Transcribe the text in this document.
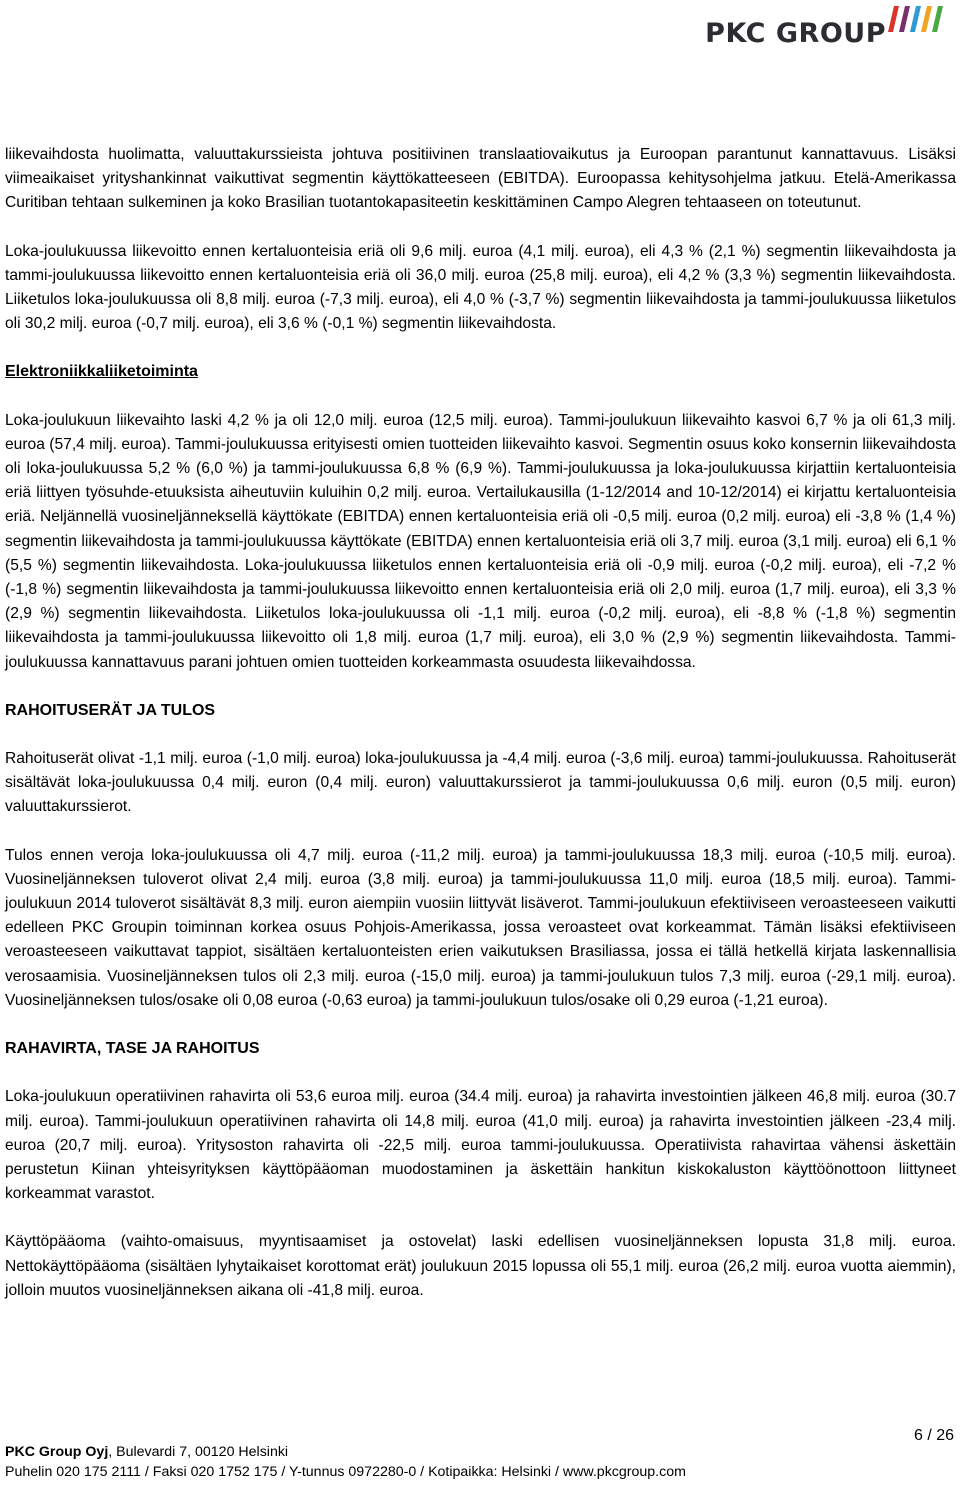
PKC GROUP

liikevaihdosta huolimatta, valuuttakurssieista johtuva positiivinen translaatiovaikutus ja Euroopan parantunut kannattavuus. Lisäksi viimeaikaiset yrityshankinnat vaikuttivat segmentin käyttökatteeseen (EBITDA). Euroopassa kehitysohjelma jatkuu. Etelä-Amerikassa Curitiban tehtaan sulkeminen ja koko Brasilian tuotantokapasiteetin keskittäminen Campo Alegren tehtaaseen on toteutunut.

Loka-joulukuussa liikevoitto ennen kertaluonteisia eriä oli 9,6 milj. euroa (4,1 milj. euroa), eli 4,3 % (2,1 %) segmentin liikevaihdosta ja tammi-joulukuussa liikevoitto ennen kertaluonteisia eriä oli 36,0 milj. euroa (25,8 milj. euroa), eli 4,2 % (3,3 %) segmentin liikevaihdosta. Liiketulos loka-joulukuussa oli 8,8 milj. euroa (-7,3 milj. euroa), eli 4,0 % (-3,7 %) segmentin liikevaihdosta ja tammi-joulukuussa liiketulos oli 30,2 milj. euroa (-0,7 milj. euroa), eli 3,6 % (-0,1 %) segmentin liikevaihdosta.

Elektroniikkaliiketoiminta

Loka-joulukuun liikevaihto laski 4,2 % ja oli 12,0 milj. euroa (12,5 milj. euroa). Tammi-joulukuun liikevaihto kasvoi 6,7 % ja oli 61,3 milj. euroa (57,4 milj. euroa). Tammi-joulukuussa erityisesti omien tuotteiden liikevaihto kasvoi. Segmentin osuus koko konsernin liikevaihdosta oli loka-joulukuussa 5,2 % (6,0 %) ja tammi-joulukuussa 6,8 % (6,9 %). Tammi-joulukuussa ja loka-joulukuussa kirjattiin kertaluonteisia eriä liittyen työsuhde-etuuksista aiheutuviin kuluihin 0,2 milj. euroa. Vertailukausilla (1-12/2014 and 10-12/2014) ei kirjattu kertaluonteisia eriä. Neljännellä vuosineljänneksellä käyttökate (EBITDA) ennen kertaluonteisia eriä oli -0,5 milj. euroa (0,2 milj. euroa) eli -3,8 % (1,4 %) segmentin liikevaihdosta ja tammi-joulukuussa käyttökate (EBITDA) ennen kertaluonteisia eriä oli 3,7 milj. euroa (3,1 milj. euroa) eli 6,1 % (5,5 %) segmentin liikevaihdosta. Loka-joulukuussa liiketulos ennen kertaluonteisia eriä oli -0,9 milj. euroa (-0,2 milj. euroa), eli -7,2 % (-1,8 %) segmentin liikevaihdosta ja tammi-joulukuussa liikevoitto ennen kertaluonteisia eriä oli 2,0 milj. euroa (1,7 milj. euroa), eli 3,3 % (2,9 %) segmentin liikevaihdosta. Liiketulos loka-joulukuussa oli -1,1 milj. euroa (-0,2 milj. euroa), eli -8,8 % (-1,8 %) segmentin liikevaihdosta ja tammi-joulukuussa liikevoitto oli 1,8 milj. euroa (1,7 milj. euroa), eli 3,0 % (2,9 %) segmentin liikevaihdosta. Tammi-joulukuussa kannattavuus parani johtuen omien tuotteiden korkeammasta osuudesta liikevaihdossa.

RAHOITUSERÄT JA TULOS

Rahoituserät olivat -1,1 milj. euroa (-1,0 milj. euroa) loka-joulukuussa ja -4,4 milj. euroa (-3,6 milj. euroa) tammi-joulukuussa. Rahoituserät sisältävät loka-joulukuussa 0,4 milj. euron (0,4 milj. euron) valuuttakurssierot ja tammi-joulukuussa 0,6 milj. euron (0,5 milj. euron) valuuttakurssierot.

Tulos ennen veroja loka-joulukuussa oli 4,7 milj. euroa (-11,2 milj. euroa) ja tammi-joulukuussa 18,3 milj. euroa (-10,5 milj. euroa). Vuosineljänneksen tuloverot olivat 2,4 milj. euroa (3,8 milj. euroa) ja tammi-joulukuussa 11,0 milj. euroa (18,5 milj. euroa). Tammi-joulukuun 2014 tuloverot sisältävät 8,3 milj. euron aiempiin vuosiin liittyvät lisäverot. Tammi-joulukuun efektiiviseen veroasteeseen vaikutti edelleen PKC Groupin toiminnan korkea osuus Pohjois-Amerikassa, jossa veroasteet ovat korkeammat. Tämän lisäksi efektiiviseen veroasteeseen vaikuttavat tappiot, sisältäen kertaluonteisten erien vaikutuksen Brasiliassa, jossa ei tällä hetkellä kirjata laskennallisia verosaamisia. Vuosineljänneksen tulos oli 2,3 milj. euroa (-15,0 milj. euroa) ja tammi-joulukuun tulos 7,3 milj. euroa (-29,1 milj. euroa). Vuosineljänneksen tulos/osake oli 0,08 euroa (-0,63 euroa) ja tammi-joulukuun tulos/osake oli 0,29 euroa (-1,21 euroa).

RAHAVIRTA, TASE JA RAHOITUS

Loka-joulukuun operatiivinen rahavirta oli 53,6 euroa milj. euroa (34.4 milj. euroa) ja rahavirta investointien jälkeen 46,8 milj. euroa (30.7 milj. euroa). Tammi-joulukuun operatiivinen rahavirta oli 14,8 milj. euroa (41,0 milj. euroa) ja rahavirta investointien jälkeen -23,4 milj. euroa (20,7 milj. euroa). Yritysoston rahavirta oli -22,5 milj. euroa tammi-joulukuussa. Operatiivista rahavirtaa vähensi äskettäin perustetun Kiinan yhteisyrityksen käyttöpääoman muodostaminen ja äskettäin hankitun kiskokaluston käyttöönottoon liittyneet korkeammat varastot.

Käyttöpääoma (vaihto-omaisuus, myyntisaamiset ja ostovelat) laski edellisen vuosineljänneksen lopusta 31,8 milj. euroa. Nettokäyttöpääoma (sisältäen lyhytaikaiset korottomat erät) joulukuun 2015 lopussa oli 55,1 milj. euroa (26,2 milj. euroa vuotta aiemmin), jolloin muutos vuosineljänneksen aikana oli -41,8 milj. euroa.

6 / 26
PKC Group Oyj, Bulevardi 7, 00120 Helsinki
Puhelin 020 175 2111 / Faksi 020 1752 175 / Y-tunnus 0972280-0 / Kotipaikka: Helsinki / www.pkcgroup.com
